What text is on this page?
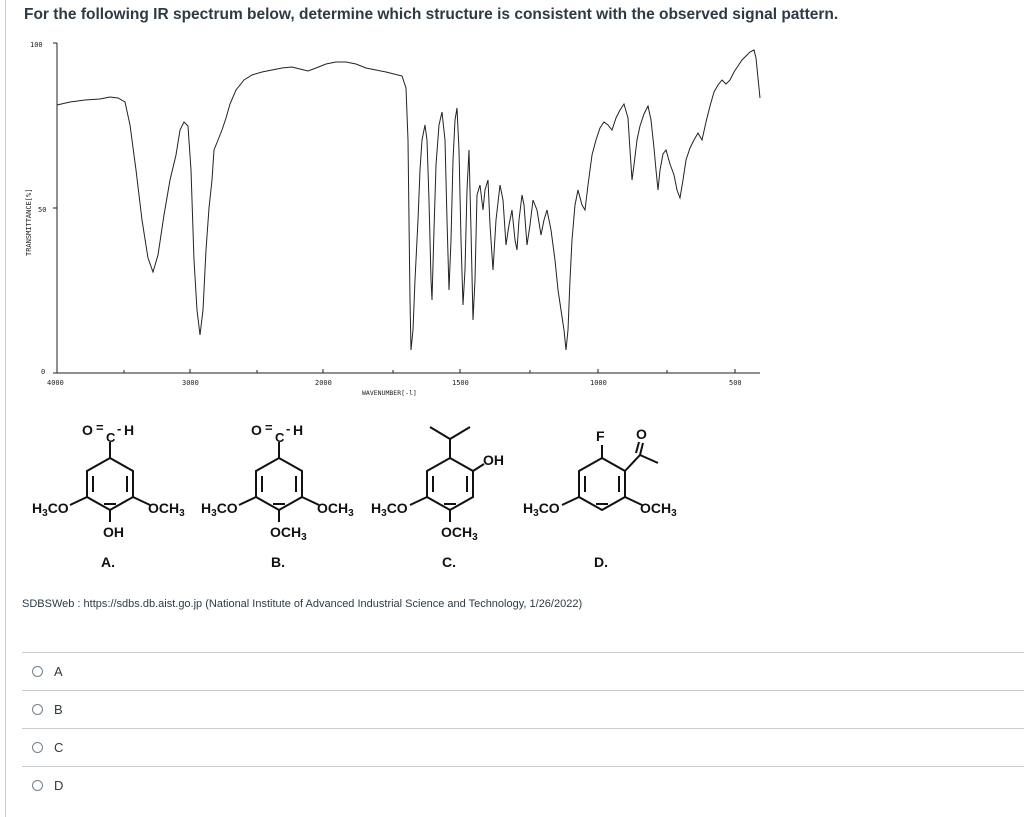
For the following IR spectrum below, determine which structure is consistent with the observed signal pattern.

100
50
0
TRANSMITTANCE[%]
4000	3000	2000	1500	1000	500
WAVENUMBER[-l]
O =
C
- H
$H_3CO$	$OCH_3$
OH
A.
O =
C
- H
$H_3CO$	$OCH_3$
$OCH_3$
B.
OH
$H_3CO$
$OCH_3$
C.
F O
$OCH_3$
$H_3CO$
D.

SDBSWeb : https://sdbs.db.aist.go.jp (National Institute of Advanced Industrial Science and Technology, 1/26/2022)

A
B
C
D
